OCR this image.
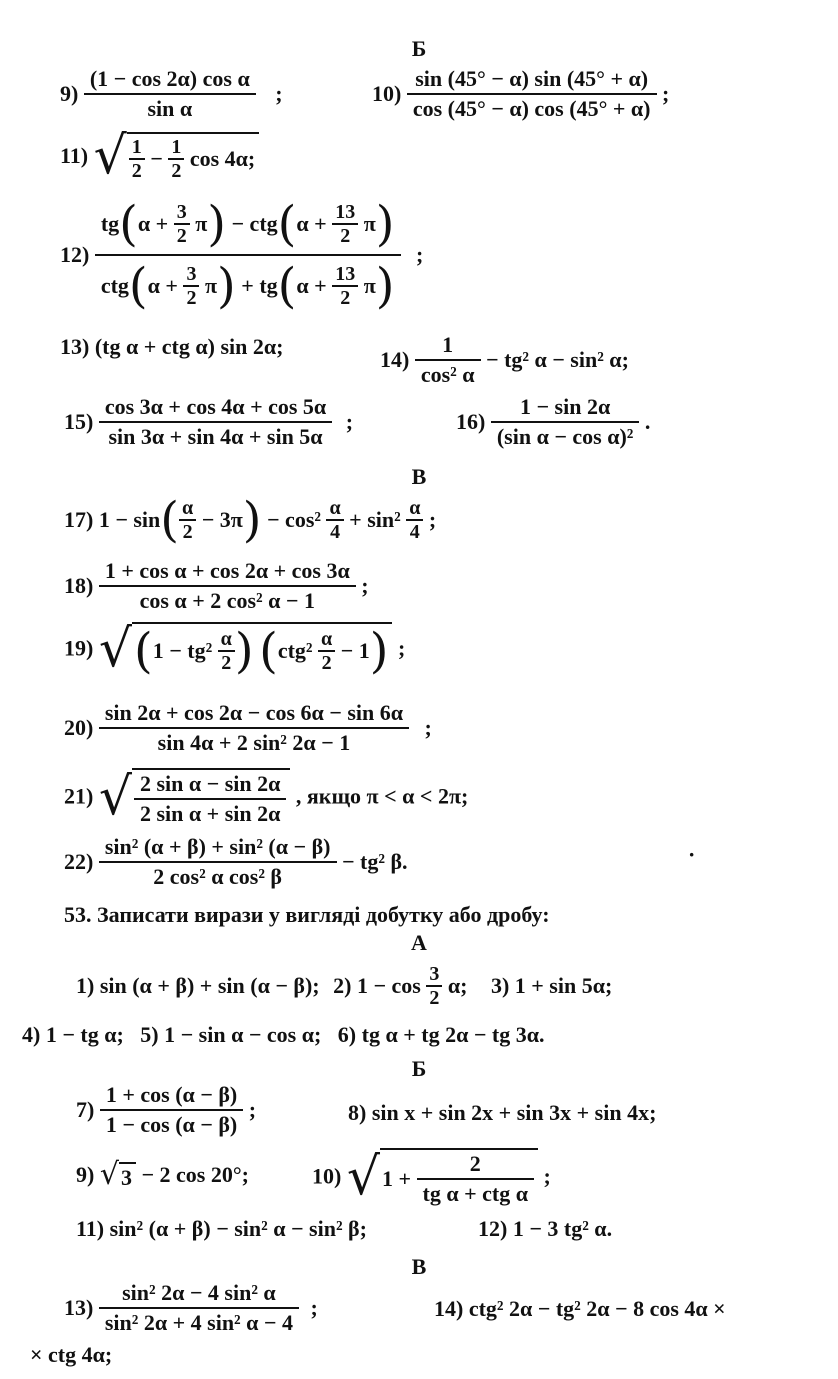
Б
$9) \frac{\text{(1 − cos 2α) cos α}}{\text{sin α}}$ ;	$10) \frac{\sin (45^\circ - \alpha) \sin (45^\circ + \alpha)}{\cos (45^\circ - \alpha) \cos (45^\circ + \alpha)}$ ;
11) √ $\frac{1}{2} - \frac{1}{2}$ cos 4α;
12)
$tg(\alpha + \frac{3}{2} \pi) - ctg(\alpha + \frac{13}{2} \pi)$
$ctg(\alpha + \frac{3}{2} \pi) + tg(\alpha + \frac{13}{2} \pi)$
;
13) (tg α + ctg α) sin 2α;
$14) \frac{1}{\text{cos² α}} - tg^2$ α − sin² α;
$15) \frac{\cos 3\alpha + \cos 4\alpha + \cos 5\alpha}{\sin 3\alpha + \sin 4\alpha + \sin 5\alpha}$ ;	$16) \frac{1 - \sin 2\alpha}{\text{(sin α − cos α)²}}$ .
В
17) $1 - \sin( \frac{\alpha}{2} - 3\pi) - \cos^2 \frac{\alpha}{4} + \sin^2 \frac{\alpha}{4}$ ;
$18) \frac{\text{1 + cos α + cos 2α + cos 3α}}{\text{cos α + 2 cos² α − 1}}$ ;
19) $√(1 - tg^2 \frac{\alpha}{2}$ ) $(ctg^2 \frac{\alpha}{2} - 1)$ ;
$20) \frac{\sin 2\alpha + \cos 2\alpha - \cos 6\alpha - \sin 6\alpha}{\text{sin 4α + 2 sin² 2α − 1}}$ ;
21) √ $\frac{\text{2 sin α − sin 2α}}{\text{2 sin α + sin 2α}}$ , якщо π < α < 2π;
$22) \frac{\text{sin² (α + β) + sin² (α − β)}}{\text{2 cos² α cos² β}} - tg^2$ β.	·
53. Записати вирази у вигляді добутку або дробу:
А
1) sin (α + β) + sin (α − β); 2) $1 - \cos \frac{3}{2} \alpha$; 3) 1 + sin 5α;
4) 1 − tg α;   5) 1 − sin α − cos α;   6) tg α + tg 2α − tg 3α.
Б
$7) \frac{1 + \cos (\alpha - \beta)}{1 - \cos (\alpha - \beta)}$ ;	8) sin x + sin 2x + sin 3x + sin 4x;
9) √3 − 2 cos 20°;	10) $√1 + \frac{2}{\text{tg α + ctg α}}$ ;
11) sin² (α + β) − sin² α − sin² β;	12) 1 − 3 tg² α.
В
$13) \frac{\text{sin² 2α − 4 sin² α}}{\text{sin² 2α + 4 sin² α − 4}}$ ;	14) ctg² 2α − tg² 2α − 8 cos 4α ×
× ctg 4α;
